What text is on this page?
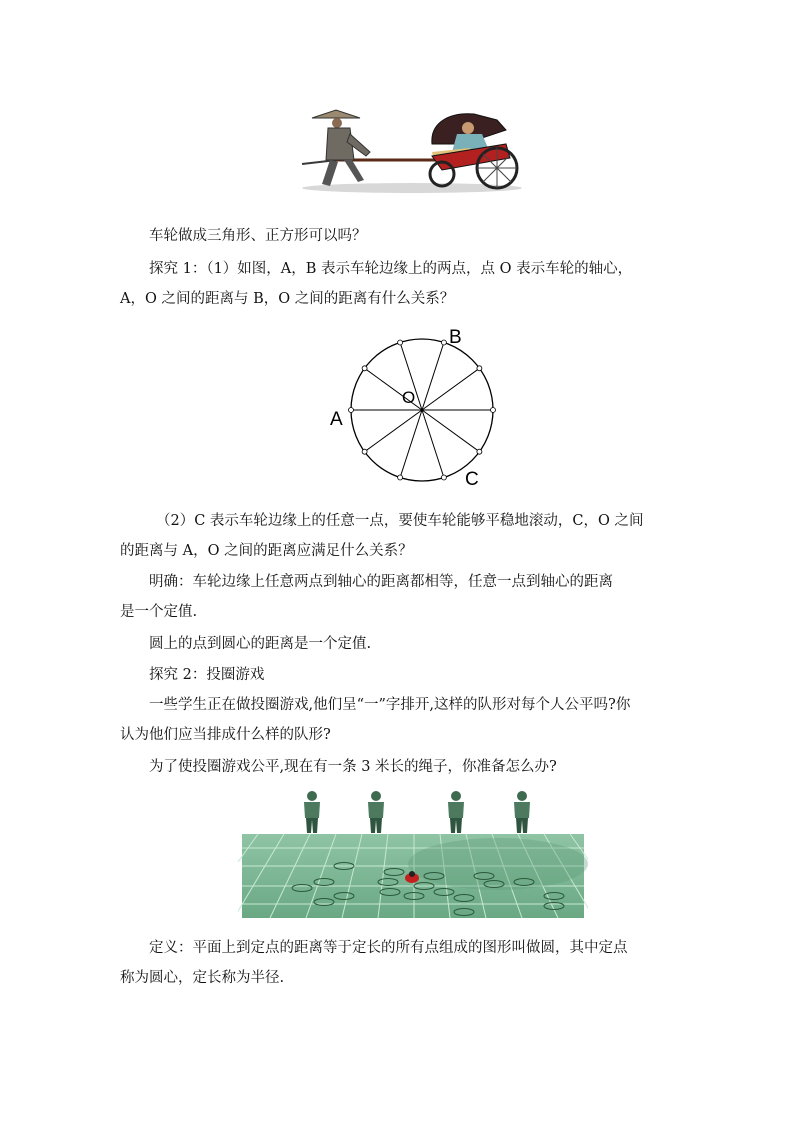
车轮做成三角形、正方形可以吗？

探究 1：（1）如图，A，B 表示车轮边缘上的两点，点 O 表示车轮的轴心，

A，O 之间的距离与 B，O 之间的距离有什么关系？

B
O
A
C

（2）C 表示车轮边缘上的任意一点，要使车轮能够平稳地滚动，C，O 之间

的距离与 A，O 之间的距离应满足什么关系？

明确：车轮边缘上任意两点到轴心的距离都相等，任意一点到轴心的距离

是一个定值.

圆上的点到圆心的距离是一个定值.

探究 2：投圈游戏

一些学生正在做投圈游戏,他们呈“一”字排开,这样的队形对每个人公平吗?你

认为他们应当排成什么样的队形?

为了使投圈游戏公平,现在有一条 3 米长的绳子，你准备怎么办?

定义：平面上到定点的距离等于定长的所有点组成的图形叫做圆，其中定点

称为圆心，定长称为半径.
